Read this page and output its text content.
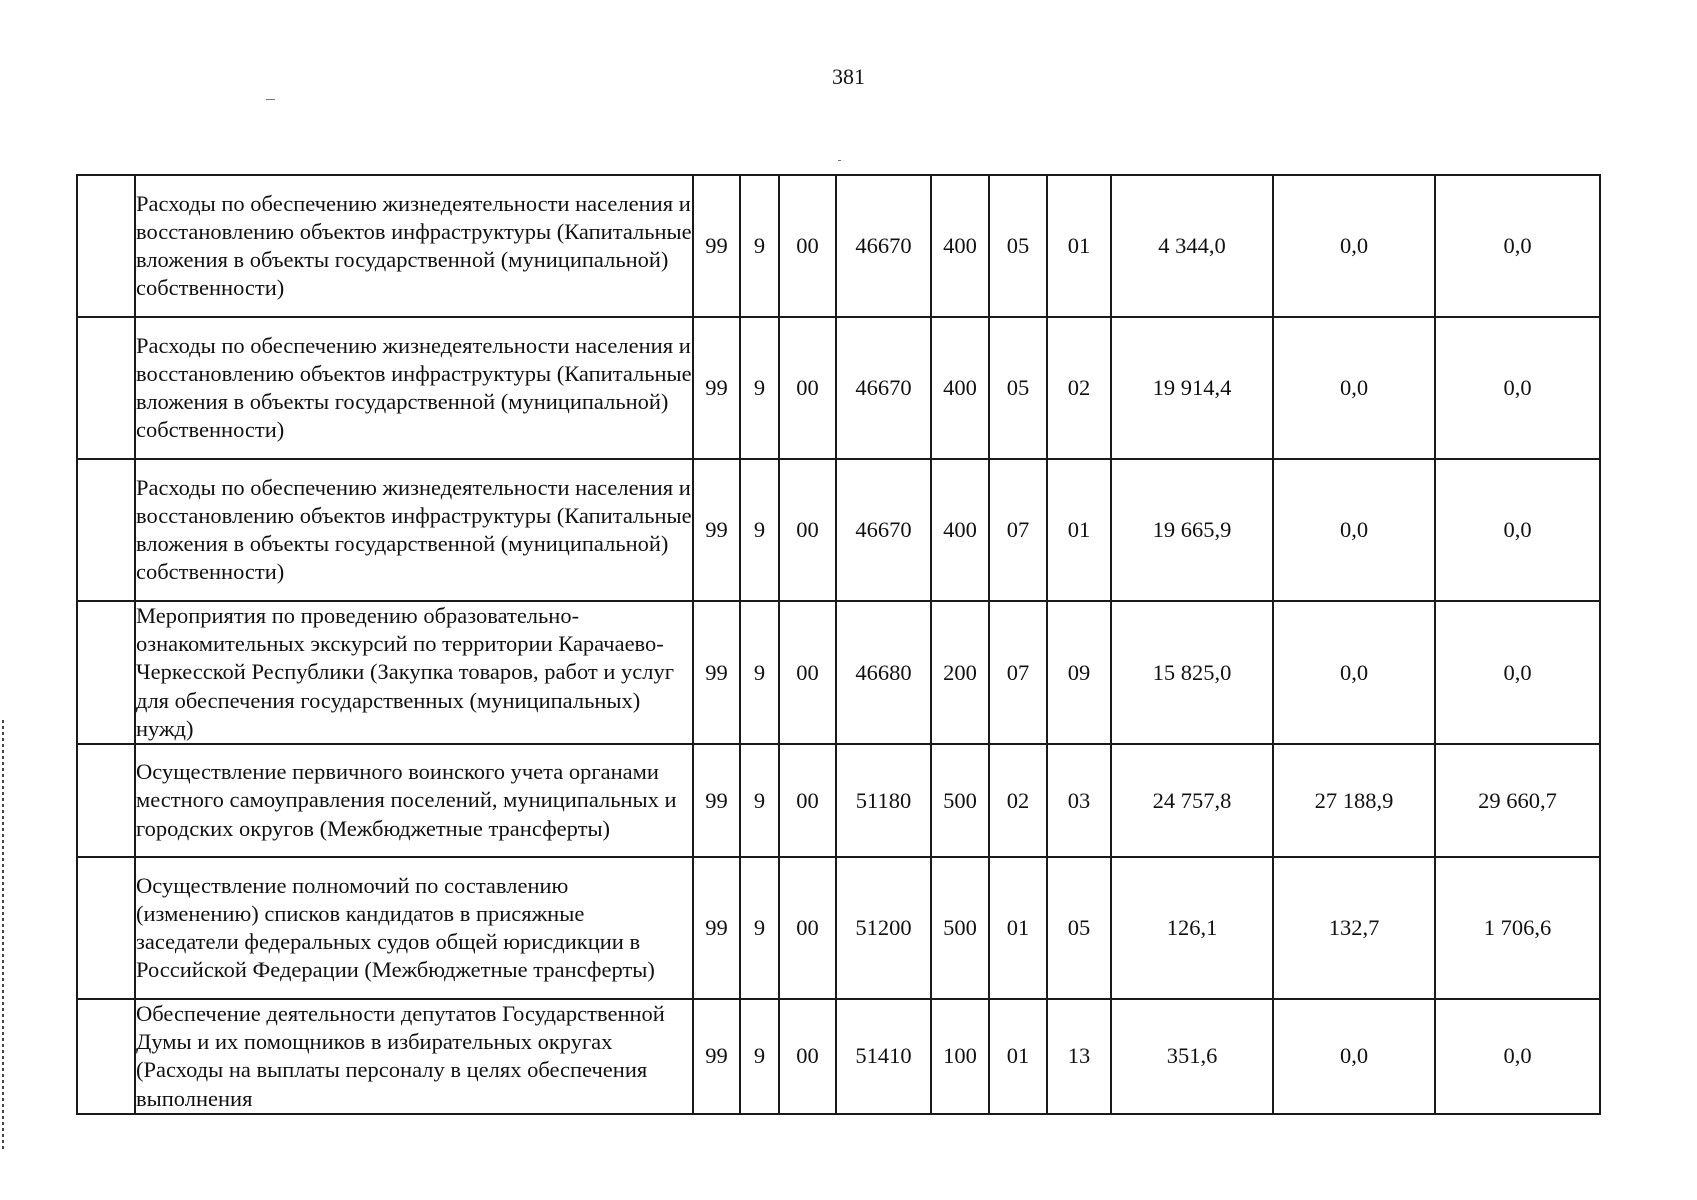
381
	Расходы по обеспечению жизнедеятельности населения и восстановлению объектов инфраструктуры (Капитальные вложения в объекты государственной (муниципальной) собственности)	99	9	00	46670	400	05	01	4 344,0	0,0	0,0
	Расходы по обеспечению жизнедеятельности населения и восстановлению объектов инфраструктуры (Капитальные вложения в объекты государственной (муниципальной) собственности)	99	9	00	46670	400	05	02	19 914,4	0,0	0,0
	Расходы по обеспечению жизнедеятельности населения и восстановлению объектов инфраструктуры (Капитальные вложения в объекты государственной (муниципальной) собственности)	99	9	00	46670	400	07	01	19 665,9	0,0	0,0
	Мероприятия по проведению образовательно-ознакомительных экскурсий по территории Карачаево-Черкесской Республики (Закупка товаров, работ и услуг для обеспечения государственных (муниципальных) нужд)	99	9	00	46680	200	07	09	15 825,0	0,0	0,0
	Осуществление первичного воинского учета органами местного самоуправления поселений, муниципальных и городских округов (Межбюджетные трансферты)	99	9	00	51180	500	02	03	24 757,8	27 188,9	29 660,7
	Осуществление полномочий по составлению (изменению) списков кандидатов в присяжные заседатели федеральных судов общей юрисдикции в Российской Федерации (Межбюджетные трансферты)	99	9	00	51200	500	01	05	126,1	132,7	1 706,6
	Обеспечение деятельности депутатов Государственной Думы и их помощников в избирательных округах (Расходы на выплаты персоналу в целях обеспечения выполнения	99	9	00	51410	100	01	13	351,6	0,0	0,0
